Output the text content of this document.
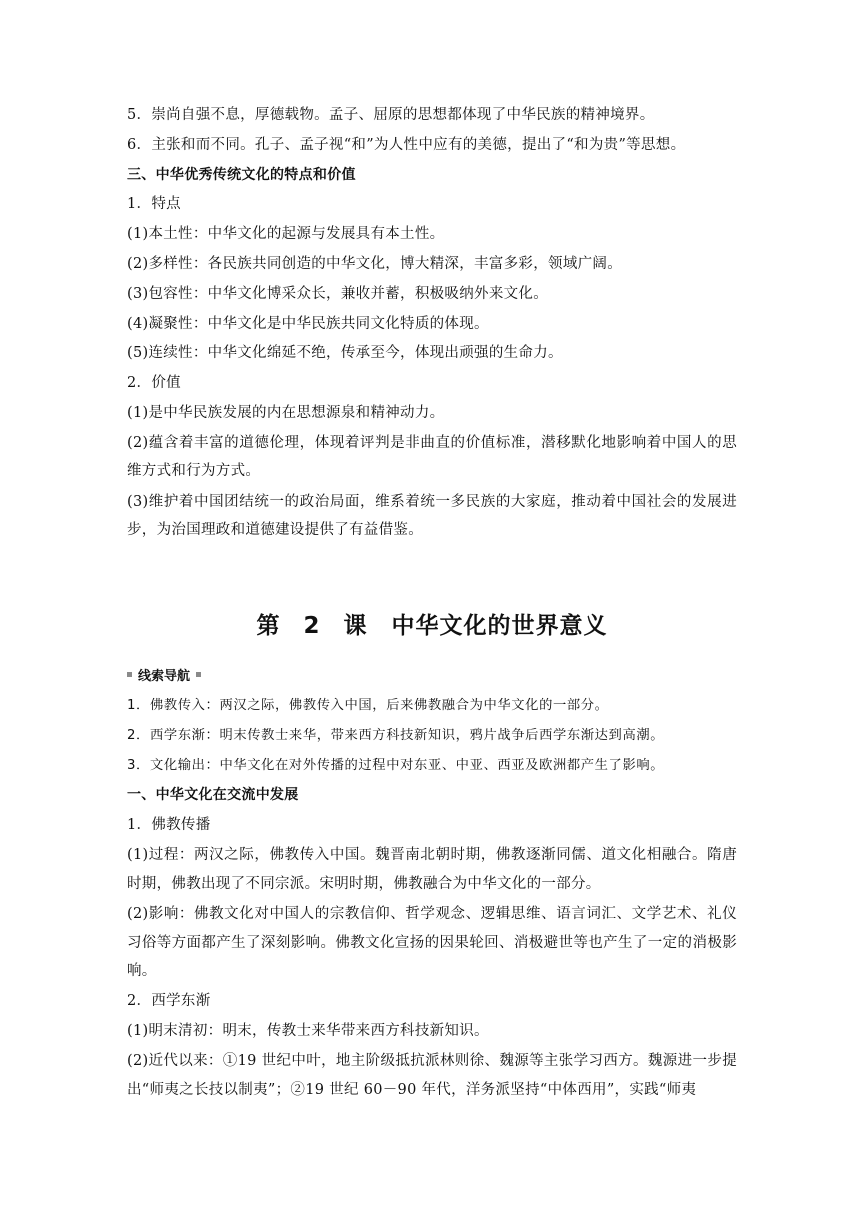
5．崇尚自强不息，厚德载物。孟子、屈原的思想都体现了中华民族的精神境界。
6．主张和而不同。孔子、孟子视“和”为人性中应有的美德，提出了“和为贵”等思想。
三、中华优秀传统文化的特点和价值
1．特点
(1)本土性：中华文化的起源与发展具有本土性。
(2)多样性：各民族共同创造的中华文化，博大精深，丰富多彩，领域广阔。
(3)包容性：中华文化博采众长，兼收并蓄，积极吸纳外来文化。
(4)凝聚性：中华文化是中华民族共同文化特质的体现。
(5)连续性：中华文化绵延不绝，传承至今，体现出顽强的生命力。
2．价值
(1)是中华民族发展的内在思想源泉和精神动力。
(2)蕴含着丰富的道德伦理，体现着评判是非曲直的价值标准，潜移默化地影响着中国人的思维方式和行为方式。
(3)维护着中国团结统一的政治局面，维系着统一多民族的大家庭，推动着中国社会的发展进步，为治国理政和道德建设提供了有益借鉴。
第 2 课　中华文化的世界意义
线索导航
1．佛教传入：两汉之际，佛教传入中国，后来佛教融合为中华文化的一部分。
2．西学东渐：明末传教士来华，带来西方科技新知识，鸦片战争后西学东渐达到高潮。
3．文化输出：中华文化在对外传播的过程中对东亚、中亚、西亚及欧洲都产生了影响。
一、中华文化在交流中发展
1．佛教传播
(1)过程：两汉之际，佛教传入中国。魏晋南北朝时期，佛教逐渐同儒、道文化相融合。隋唐时期，佛教出现了不同宗派。宋明时期，佛教融合为中华文化的一部分。
(2)影响：佛教文化对中国人的宗教信仰、哲学观念、逻辑思维、语言词汇、文学艺术、礼仪习俗等方面都产生了深刻影响。佛教文化宣扬的因果轮回、消极避世等也产生了一定的消极影响。
2．西学东渐
(1)明末清初：明末，传教士来华带来西方科技新知识。
(2)近代以来：①19 世纪中叶，地主阶级抵抗派林则徐、魏源等主张学习西方。魏源进一步提出“师夷之长技以制夷”；②19 世纪 60－90 年代，洋务派坚持“中体西用”，实践“师夷
